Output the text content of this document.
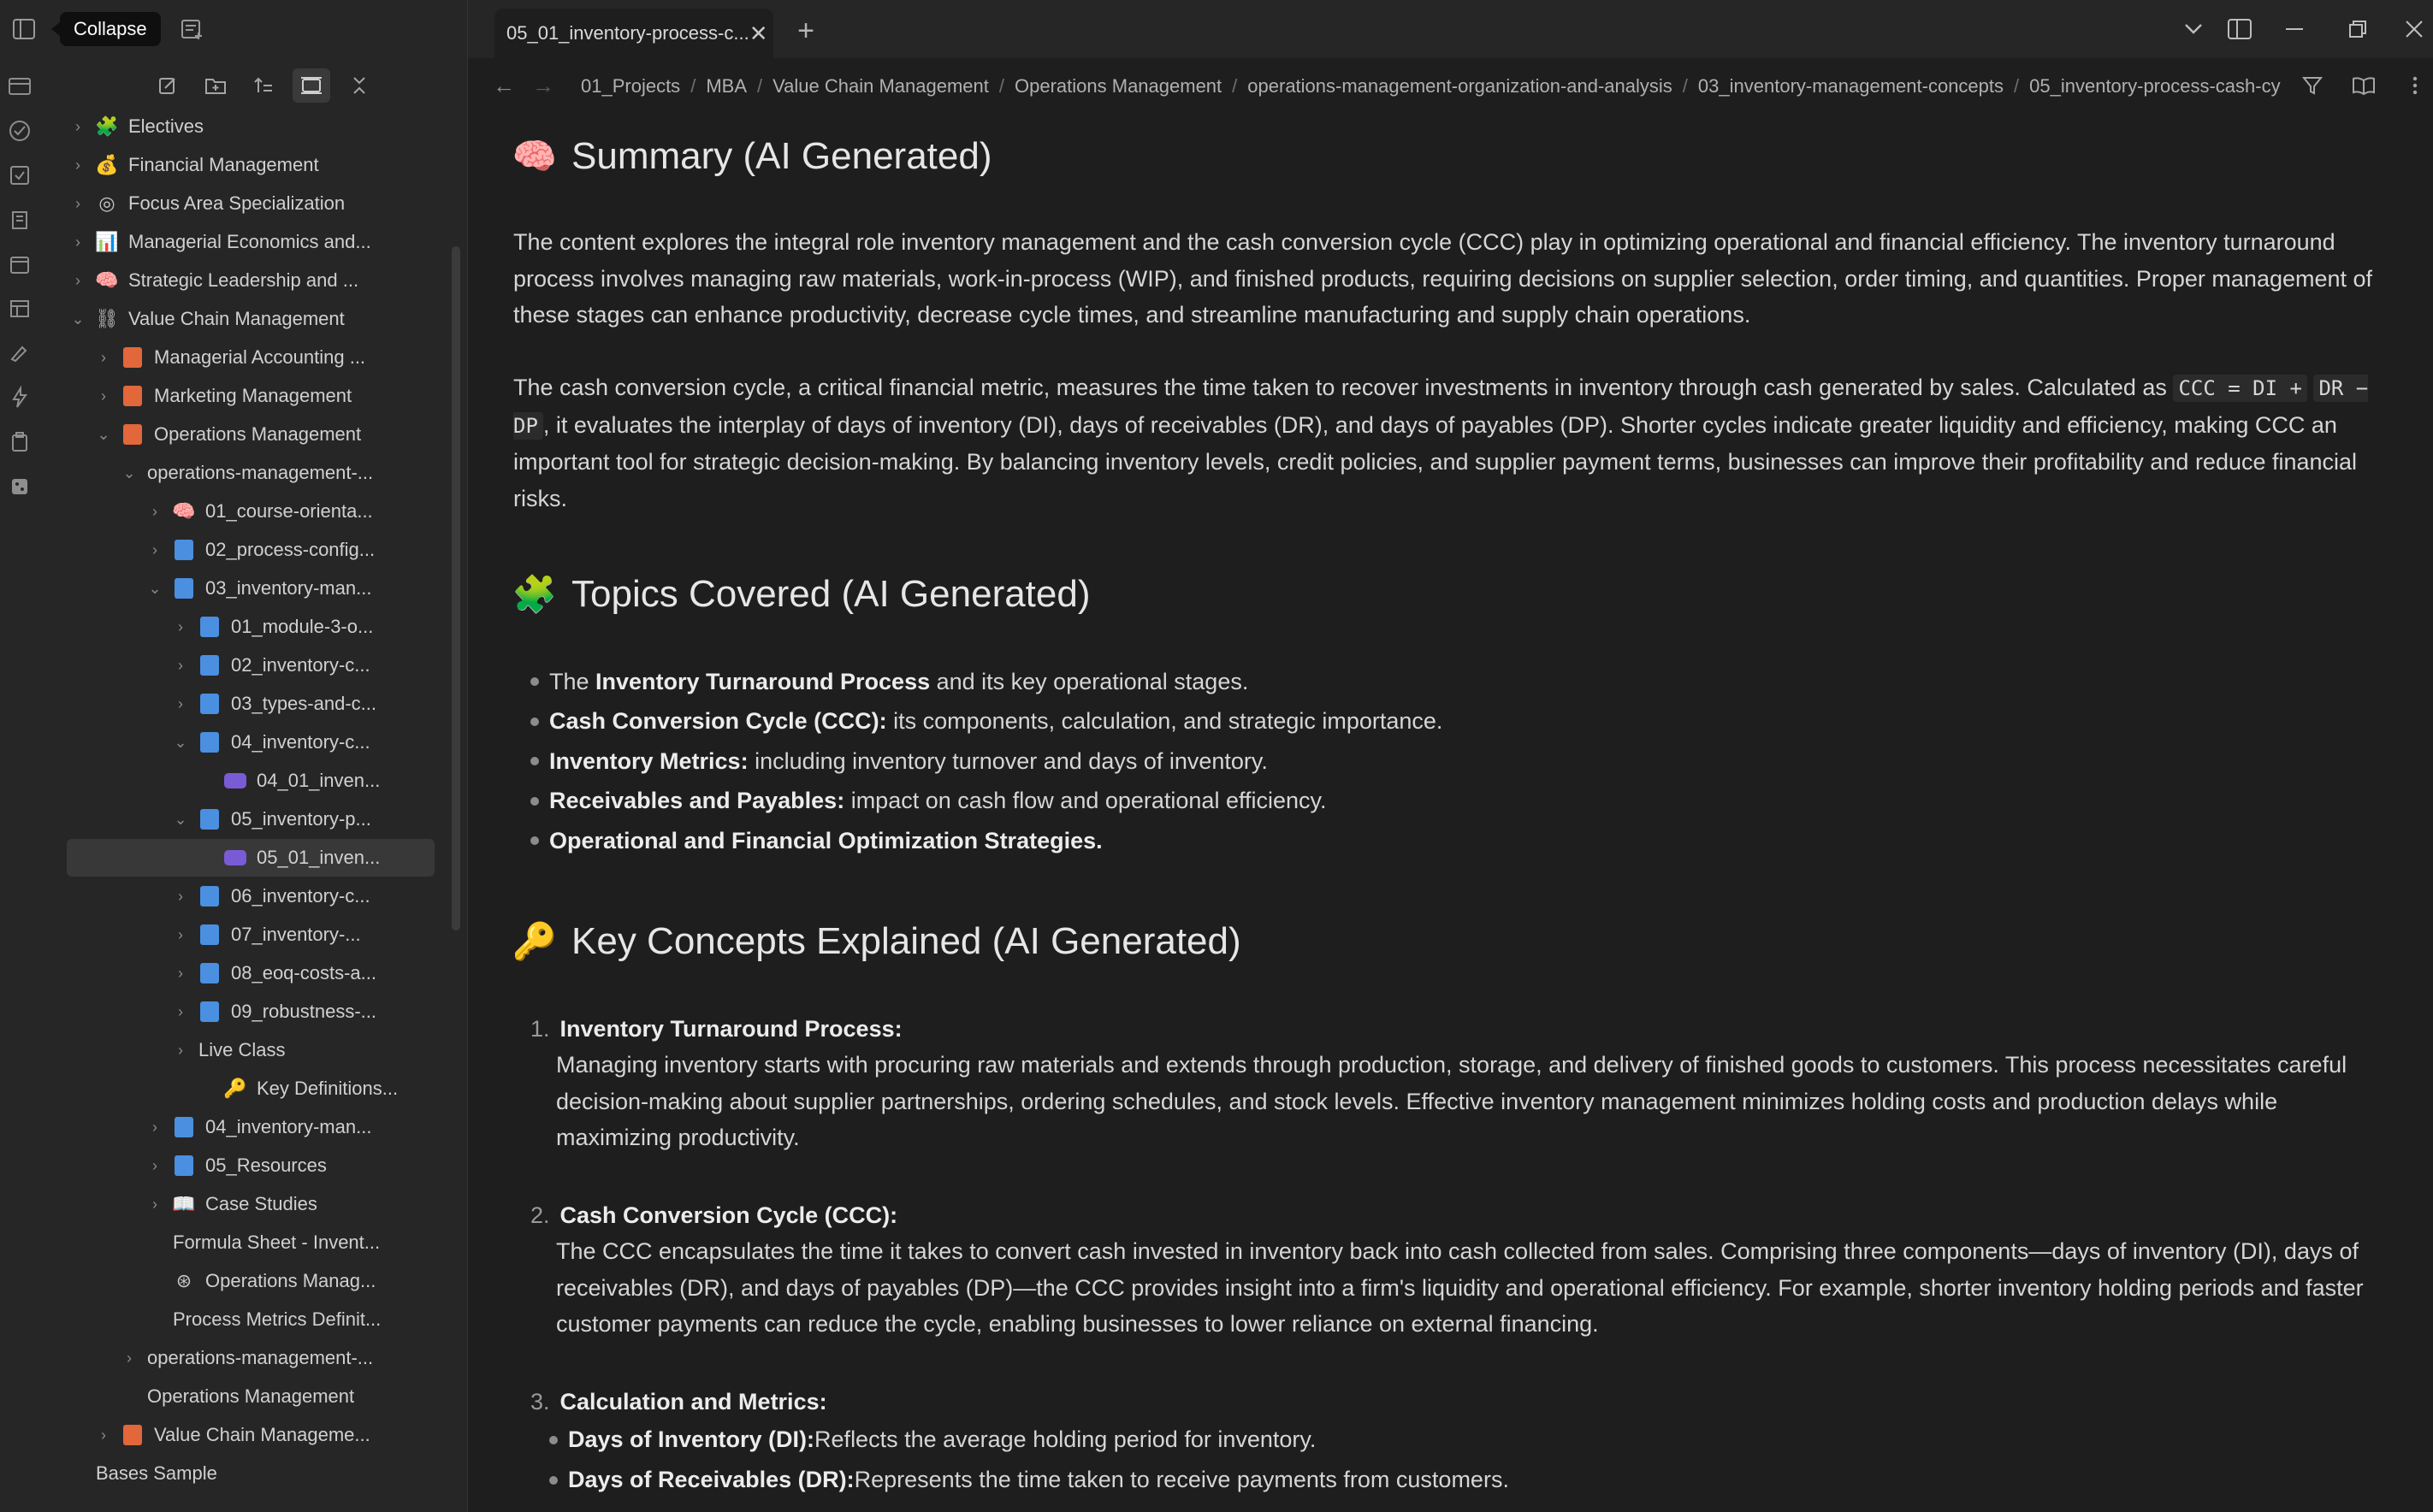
Collapse	05_01_inventory-process-c... ✕ +
› 🧩 Electives
› 💰 Financial Management
› ◎ Focus Area Specialization
› 📊 Managerial Economics and...
› 🧠 Strategic Leadership and ...
⌄ ⛓ Value Chain Management
›	Managerial Accounting ...
›	Marketing Management
⌄ Operations Management
⌄ operations-management-...
› 🧠 01_course-orienta...
›	02_process-config...
⌄ 03_inventory-man...
›	01_module-3-o...
›	02_inventory-c...
›	03_types-and-c...
⌄ 04_inventory-c...
04_01_inven...
⌄ 05_inventory-p...
05_01_inven...
›	06_inventory-c...
›	07_inventory-...
›	08_eoq-costs-a...
›	09_robustness-...
› Live Class
🔑 Key Definitions...
›	04_inventory-man...
›	05_Resources
› 📖 Case Studies
Formula Sheet - Invent...
⊛ Operations Manag...
Process Metrics Definit...
› operations-management-...
Operations Management
›	Value Chain Manageme...
Bases Sample
← →	01_Projects / MBA / Value Chain Management / Operations Management / operations-management-organization-and-analysis / 03_inventory-management-concepts / 05_inventory-process-cash-cy
🧠 Summary (AI Generated)
The content explores the integral role inventory management and the cash conversion cycle (CCC) play in optimizing operational and financial efficiency. The inventory turnaround process involves managing raw materials, work-in-process (WIP), and finished products, requiring decisions on supplier selection, order timing, and quantities. Proper management of these stages can enhance productivity, decrease cycle times, and streamline manufacturing and supply chain operations.
The cash conversion cycle, a critical financial metric, measures the time taken to recover investments in inventory through cash generated by sales. Calculated as CCC = DI + DR − DP , it evaluates the interplay of days of inventory (DI), days of receivables (DR), and days of payables (DP). Shorter cycles indicate greater liquidity and efficiency, making CCC an important tool for strategic decision-making. By balancing inventory levels, credit policies, and supplier payment terms, businesses can improve their profitability and reduce financial risks.
🧩 Topics Covered (AI Generated)
The Inventory Turnaround Process and its key operational stages.
Cash Conversion Cycle (CCC): its components, calculation, and strategic importance.
Inventory Metrics: including inventory turnover and days of inventory.
Receivables and Payables: impact on cash flow and operational efficiency.
Operational and Financial Optimization Strategies.
🔑 Key Concepts Explained (AI Generated)
1. Inventory Turnaround Process:
Managing inventory starts with procuring raw materials and extends through production, storage, and delivery of finished goods to customers. This process necessitates careful decision-making about supplier partnerships, ordering schedules, and stock levels. Effective inventory management minimizes holding costs and production delays while maximizing productivity.
2. Cash Conversion Cycle (CCC):
The CCC encapsulates the time it takes to convert cash invested in inventory back into cash collected from sales. Comprising three components—days of inventory (DI), days of receivables (DR), and days of payables (DP)—the CCC provides insight into a firm's liquidity and operational efficiency. For example, shorter inventory holding periods and faster customer payments can reduce the cycle, enabling businesses to lower reliance on external financing.
3. Calculation and Metrics:
Days of Inventory (DI): Reflects the average holding period for inventory.
Days of Receivables (DR): Represents the time taken to receive payments from customers.
